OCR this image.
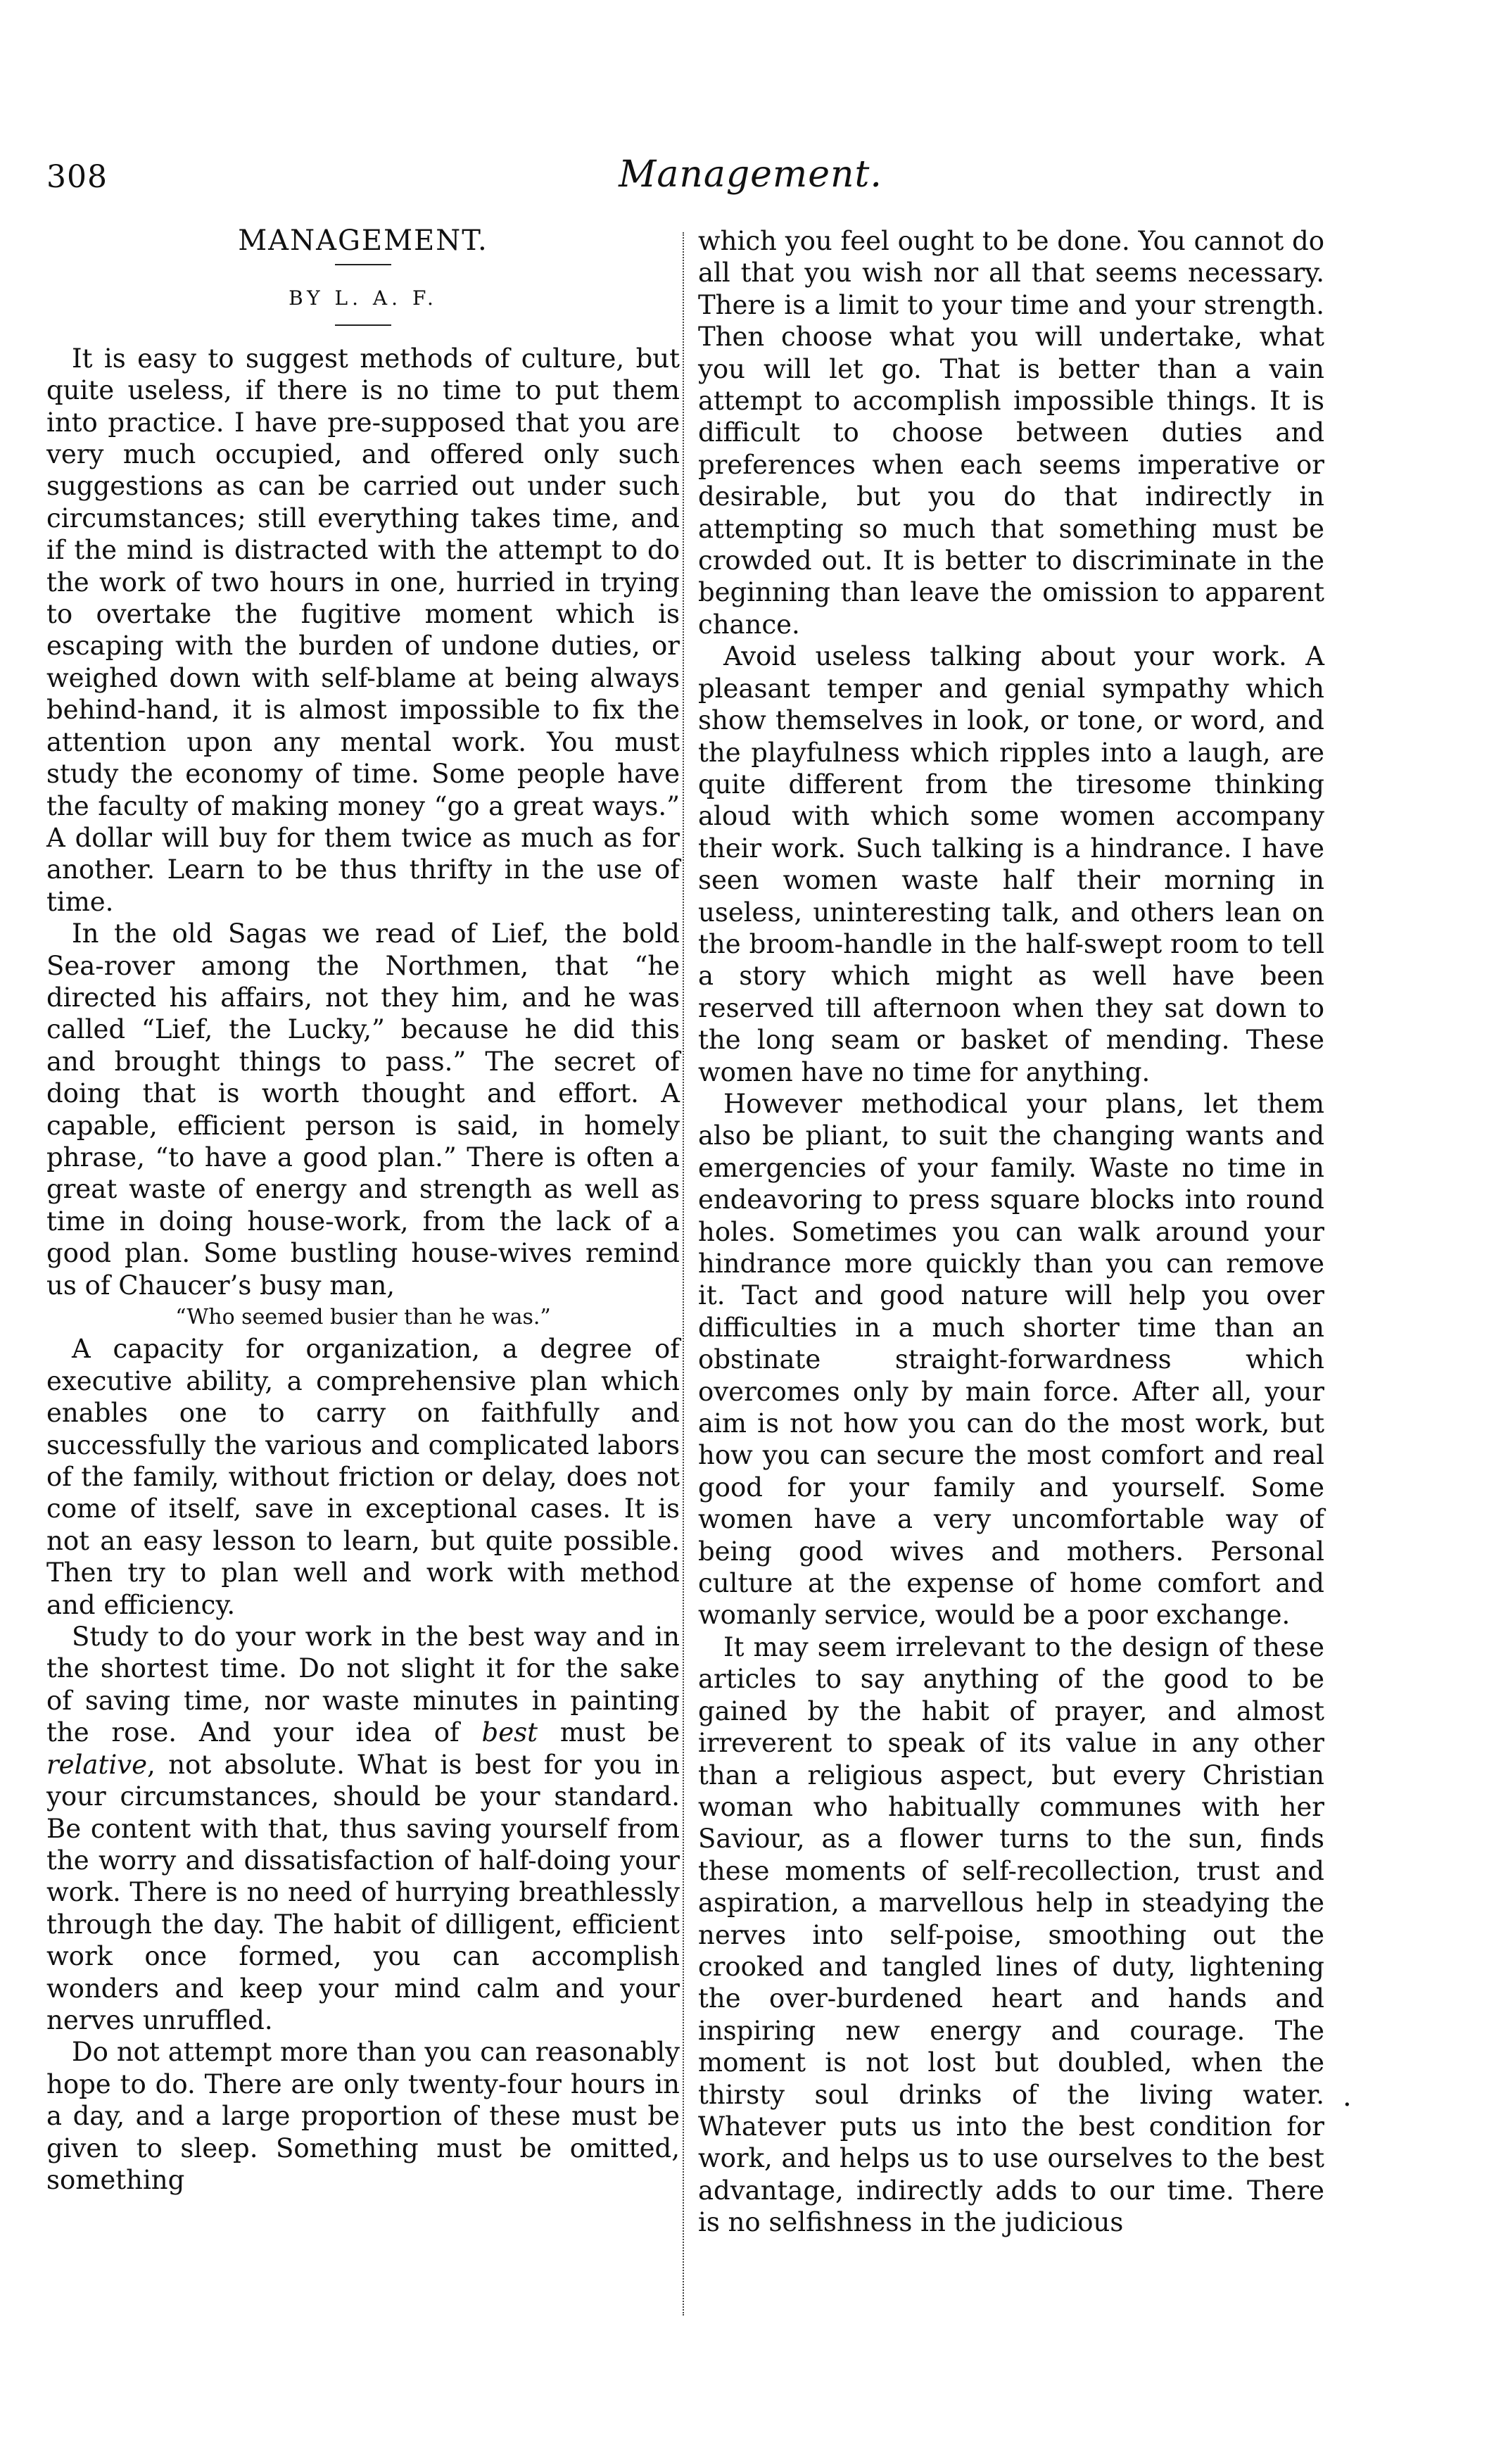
308	Management.
MANAGEMENT.
BY L. A. F.

It is easy to suggest methods of culture, but quite useless, if there is no time to put them into practice. I have pre-supposed that you are very much occupied, and offered only such suggestions as can be carried out under such circumstances; still everything takes time, and if the mind is distracted with the attempt to do the work of two hours in one, hurried in trying to overtake the fugitive moment which is escaping with the burden of undone duties, or weighed down with self-blame at being always behind-hand, it is almost impossible to fix the attention upon any mental work. You must study the economy of time. Some people have the faculty of making money “go a great ways.” A dollar will buy for them twice as much as for another. Learn to be thus thrifty in the use of time.

In the old Sagas we read of Lief, the bold Sea-rover among the Northmen, that “he directed his affairs, not they him, and he was called “Lief, the Lucky,” because he did this and brought things to pass.” The secret of doing that is worth thought and effort. A capable, efficient person is said, in homely phrase, “to have a good plan.” There is often a great waste of energy and strength as well as time in doing house-work, from the lack of a good plan. Some bustling house-wives remind us of Chaucer’s busy man,

“Who seemed busier than he was.”

A capacity for organization, a degree of executive ability, a comprehensive plan which enables one to carry on faithfully and successfully the various and complicated labors of the family, without friction or delay, does not come of itself, save in exceptional cases. It is not an easy lesson to learn, but quite possible. Then try to plan well and work with method and efficiency.

Study to do your work in the best way and in the shortest time. Do not slight it for the sake of saving time, nor waste minutes in painting the rose. And your idea of best must be relative, not absolute. What is best for you in your circumstances, should be your standard. Be content with that, thus saving yourself from the worry and dissatisfaction of half-doing your work. There is no need of hurrying breathlessly through the day. The habit of dilligent, efficient work once formed, you can accomplish wonders and keep your mind calm and your nerves unruffled.

Do not attempt more than you can reasonably hope to do. There are only twenty-four hours in a day, and a large proportion of these must be given to sleep. Something must be omitted, something

which you feel ought to be done. You cannot do all that you wish nor all that seems necessary. There is a limit to your time and your strength. Then choose what you will undertake, what you will let go. That is better than a vain attempt to accomplish impossible things. It is difficult to choose between duties and preferences when each seems imperative or desirable, but you do that indirectly in attempting so much that something must be crowded out. It is better to discriminate in the beginning than leave the omission to apparent chance.

Avoid useless talking about your work. A pleasant temper and genial sympathy which show themselves in look, or tone, or word, and the playfulness which ripples into a laugh, are quite different from the tiresome thinking aloud with which some women accompany their work. Such talking is a hindrance. I have seen women waste half their morning in useless, uninteresting talk, and others lean on the broom-handle in the half-swept room to tell a story which might as well have been reserved till afternoon when they sat down to the long seam or basket of mending. These women have no time for anything.

However methodical your plans, let them also be pliant, to suit the changing wants and emergencies of your family. Waste no time in endeavoring to press square blocks into round holes. Sometimes you can walk around your hindrance more quickly than you can remove it. Tact and good nature will help you over difficulties in a much shorter time than an obstinate straight-forwardness which overcomes only by main force. After all, your aim is not how you can do the most work, but how you can secure the most comfort and real good for your family and yourself. Some women have a very uncomfortable way of being good wives and mothers. Personal culture at the expense of home comfort and womanly service, would be a poor exchange.

It may seem irrelevant to the design of these articles to say anything of the good to be gained by the habit of prayer, and almost irreverent to speak of its value in any other than a religious aspect, but every Christian woman who habitually communes with her Saviour, as a flower turns to the sun, finds these moments of self-recollection, trust and aspiration, a marvellous help in steadying the nerves into self-poise, smoothing out the crooked and tangled lines of duty, lightening the over-burdened heart and hands and inspiring new energy and courage. The moment is not lost but doubled, when the thirsty soul drinks of the living water. Whatever puts us into the best condition for work, and helps us to use ourselves to the best advantage, indirectly adds to our time. There is no selfishness in the judicious

·
